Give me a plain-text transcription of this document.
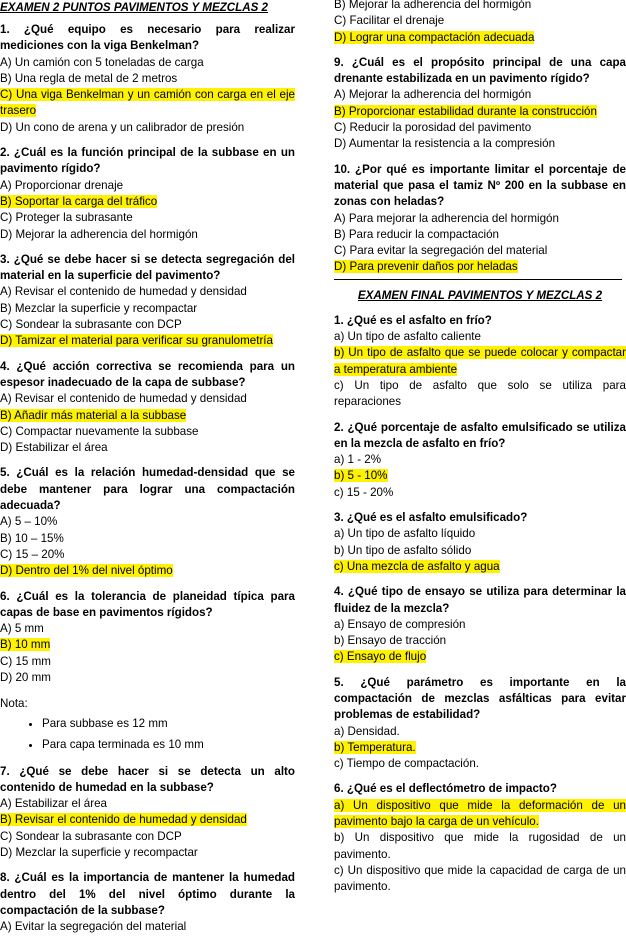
EXAMEN 2 PUNTOS PAVIMENTOS Y MEZCLAS 2

1. ¿Qué equipo es necesario para realizar mediciones con la viga Benkelman?

A) Un camión con 5 toneladas de carga

B) Una regla de metal de 2 metros

C) Una viga Benkelman y un camión con carga en el eje trasero

D) Un cono de arena y un calibrador de presión

2. ¿Cuál es la función principal de la subbase en un pavimento rígido?

A) Proporcionar drenaje

B) Soportar la carga del tráfico

C) Proteger la subrasante

D) Mejorar la adherencia del hormigón

3. ¿Qué se debe hacer si se detecta segregación del material en la superficie del pavimento?

A) Revisar el contenido de humedad y densidad

B) Mezclar la superficie y recompactar

C) Sondear la subrasante con DCP

D) Tamizar el material para verificar su granulometría

4. ¿Qué acción correctiva se recomienda para un espesor inadecuado de la capa de subbase?

A) Revisar el contenido de humedad y densidad

B) Añadir más material a la subbase

C) Compactar nuevamente la subbase

D) Estabilizar el área

5. ¿Cuál es la relación humedad-densidad que se debe mantener para lograr una compactación adecuada?

A) 5 – 10%

B) 10 – 15%

C) 15 – 20%

D) Dentro del 1% del nivel óptimo

6. ¿Cuál es la tolerancia de planeidad típica para capas de base en pavimentos rígidos?

A) 5 mm

B) 10 mm

C) 15 mm

D) 20 mm

Nota:

• Para subbase es 12 mm
• Para capa terminada es 10 mm

7. ¿Qué se debe hacer si se detecta un alto contenido de humedad en la subbase?

A) Estabilizar el área

B) Revisar el contenido de humedad y densidad

C) Sondear la subrasante con DCP

D) Mezclar la superficie y recompactar

8. ¿Cuál es la importancia de mantener la humedad dentro del 1% del nivel óptimo durante la compactación de la subbase?

A) Evitar la segregación del material

B) Mejorar la adherencia del hormigón

C) Facilitar el drenaje

D) Lograr una compactación adecuada

9. ¿Cuál es el propósito principal de una capa drenante estabilizada en un pavimento rígido?

A) Mejorar la adherencia del hormigón

B) Proporcionar estabilidad durante la construcción

C) Reducir la porosidad del pavimento

D) Aumentar la resistencia a la compresión

10. ¿Por qué es importante limitar el porcentaje de material que pasa el tamiz Nº 200 en la subbase en zonas con heladas?

A) Para mejorar la adherencia del hormigón

B) Para reducir la compactación

C) Para evitar la segregación del material

D) Para prevenir daños por heladas

EXAMEN FINAL PAVIMENTOS Y MEZCLAS 2

1. ¿Qué es el asfalto en frío?

a) Un tipo de asfalto caliente

b) Un tipo de asfalto que se puede colocar y compactar a temperatura ambiente

c) Un tipo de asfalto que solo se utiliza para reparaciones

2. ¿Qué porcentaje de asfalto emulsificado se utiliza en la mezcla de asfalto en frío?

a) 1 - 2%

b) 5 - 10%

c) 15 - 20%

3. ¿Qué es el asfalto emulsificado?

a) Un tipo de asfalto líquido

b) Un tipo de asfalto sólido

c) Una mezcla de asfalto y agua

4. ¿Qué tipo de ensayo se utiliza para determinar la fluidez de la mezcla?

a) Ensayo de compresión

b) Ensayo de tracción

c) Ensayo de flujo

5. ¿Qué parámetro es importante en la compactación de mezclas asfálticas para evitar problemas de estabilidad?

a) Densidad.

b) Temperatura.

c) Tiempo de compactación.

6. ¿Qué es el deflectómetro de impacto?

a) Un dispositivo que mide la deformación de un pavimento bajo la carga de un vehículo.

b) Un dispositivo que mide la rugosidad de un pavimento.

c) Un dispositivo que mide la capacidad de carga de un pavimento.
